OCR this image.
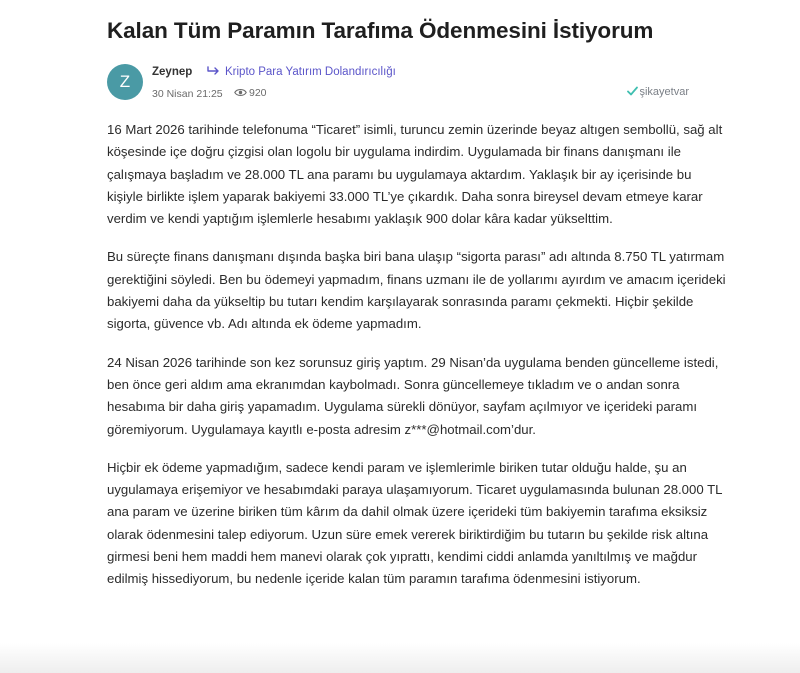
Kalan Tüm Paramın Tarafıma Ödenmesini İstiyorum
Z	Zeynep	Kripto Para Yatırım Dolandırıcılığı
30 Nisan 21:25	920	şikayetvar

16 Mart 2026 tarihinde telefonuma “Ticaret” isimli, turuncu zemin üzerinde beyaz altıgen sembollü, sağ alt köşesinde içe doğru çizgisi olan logolu bir uygulama indirdim. Uygulamada bir finans danışmanı ile çalışmaya başladım ve 28.000 TL ana paramı bu uygulamaya aktardım. Yaklaşık bir ay içerisinde bu kişiyle birlikte işlem yaparak bakiyemi 33.000 TL’ye çıkardık. Daha sonra bireysel devam etmeye karar verdim ve kendi yaptığım işlemlerle hesabımı yaklaşık 900 dolar kâra kadar yükselttim.

Bu süreçte finans danışmanı dışında başka biri bana ulaşıp “sigorta parası” adı altında 8.750 TL yatırmam gerektiğini söyledi. Ben bu ödemeyi yapmadım, finans uzmanı ile de yollarımı ayırdım ve amacım içerideki bakiyemi daha da yükseltip bu tutarı kendim karşılayarak sonrasında paramı çekmekti. Hiçbir şekilde sigorta, güvence vb. Adı altında ek ödeme yapmadım.

24 Nisan 2026 tarihinde son kez sorunsuz giriş yaptım. 29 Nisan’da uygulama benden güncelleme istedi, ben önce geri aldım ama ekranımdan kaybolmadı. Sonra güncellemeye tıkladım ve o andan sonra hesabıma bir daha giriş yapamadım. Uygulama sürekli dönüyor, sayfam açılmıyor ve içerideki paramı göremiyorum. Uygulamaya kayıtlı e-posta adresim z***@hotmail.com’dur.

Hiçbir ek ödeme yapmadığım, sadece kendi param ve işlemlerimle biriken tutar olduğu halde, şu an uygulamaya erişemiyor ve hesabımdaki paraya ulaşamıyorum. Ticaret uygulamasında bulunan 28.000 TL ana param ve üzerine biriken tüm kârım da dahil olmak üzere içerideki tüm bakiyemin tarafıma eksiksiz olarak ödenmesini talep ediyorum. Uzun süre emek vererek biriktirdiğim bu tutarın bu şekilde risk altına girmesi beni hem maddi hem manevi olarak çok yıprattı, kendimi ciddi anlamda yanıltılmış ve mağdur edilmiş hissediyorum, bu nedenle içeride kalan tüm paramın tarafıma ödenmesini istiyorum.
